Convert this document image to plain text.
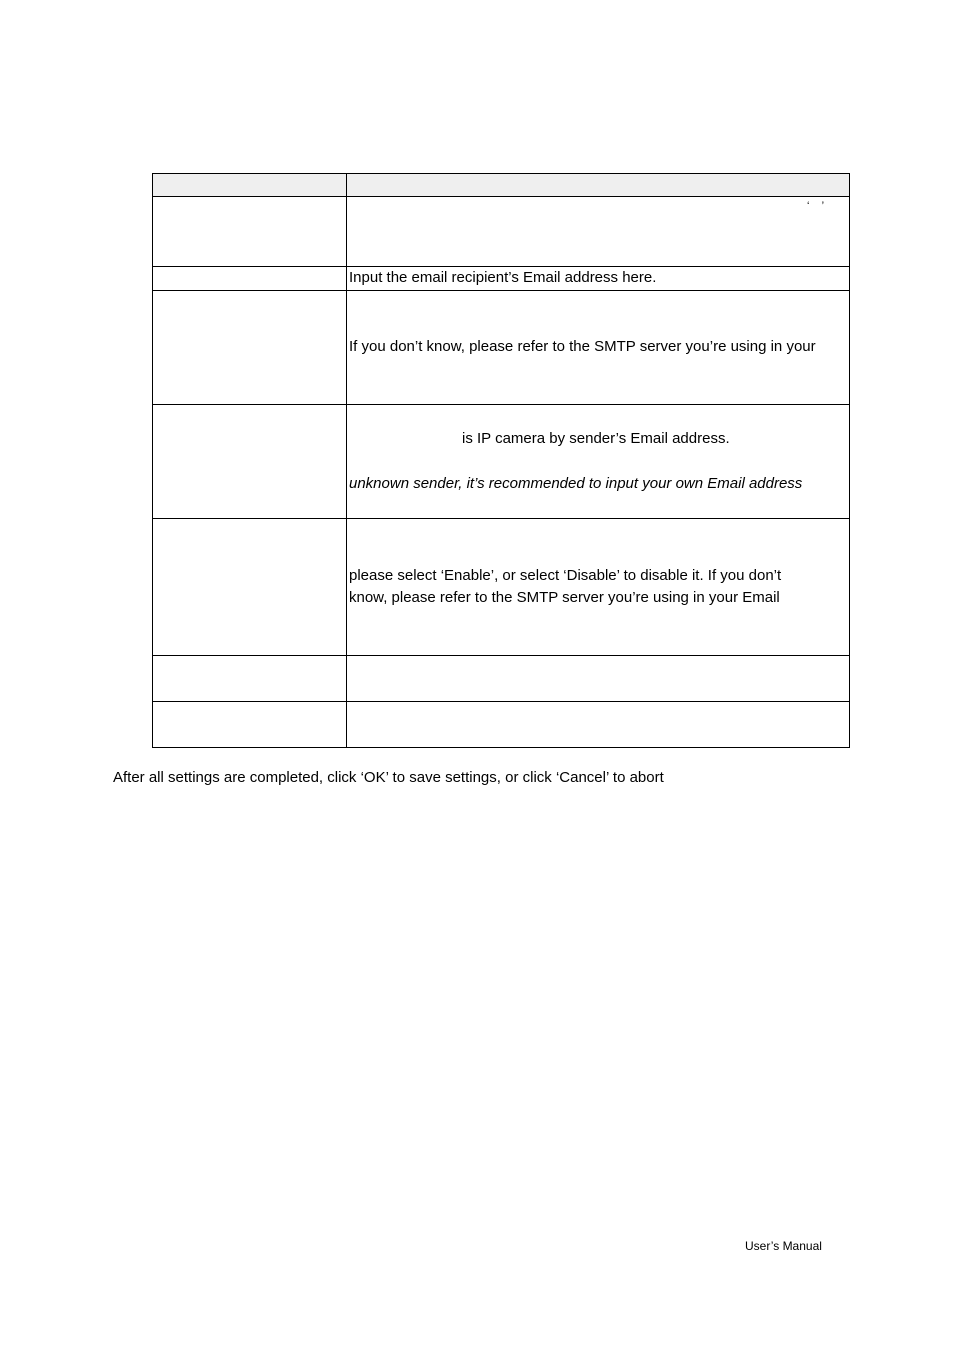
	‘    ’

	Input the email recipient’s Email address here.

	If you don’t know, please refer to the SMTP server you’re using in your

	is IP camera by sender’s Email address.
unknown sender, it’s recommended to input your own Email address

	please select ‘Enable’, or select ‘Disable’ to disable it. If you don’t
know, please refer to the SMTP server you’re using in your Email

After all settings are completed, click ‘OK’ to save settings, or click ‘Cancel’ to abort
User’s Manual
